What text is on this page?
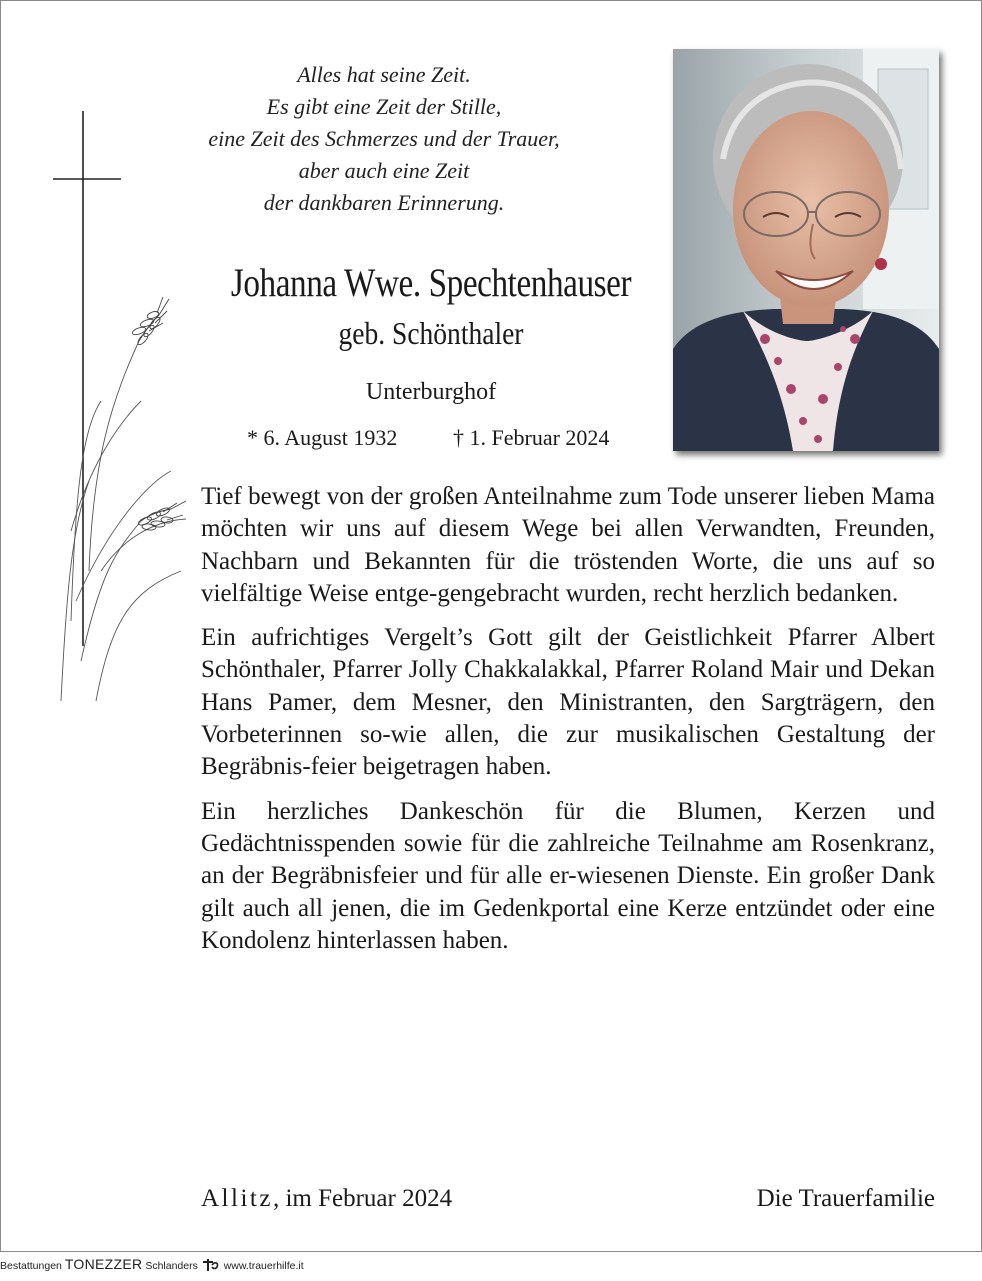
Alles hat seine Zeit.
Es gibt eine Zeit der Stille,
eine Zeit des Schmerzes und der Trauer,
aber auch eine Zeit
der dankbaren Erinnerung.
Johanna Wwe. Spechtenhauser
geb. Schönthaler
Unterburghof
* 6. August 1932	† 1. Februar 2024

Tief bewegt von der großen Anteilnahme zum Tode unserer lieben Mama möchten wir uns auf diesem Wege bei allen Verwandten, Freunden, Nachbarn und Bekannten für die tröstenden Worte, die uns auf so vielfältige Weise entge-gengebracht wurden, recht herzlich bedanken.

Ein aufrichtiges Vergelt’s Gott gilt der Geistlichkeit Pfarrer Albert Schönthaler, Pfarrer Jolly Chakkalakkal, Pfarrer Roland Mair und Dekan Hans Pamer, dem Mesner, den Ministranten, den Sargträgern, den Vorbeterinnen so-wie allen, die zur musikalischen Gestaltung der Begräbnis-feier beigetragen haben.

Ein herzliches Dankeschön für die Blumen, Kerzen und Gedächtnisspenden sowie für die zahlreiche Teilnahme am Rosenkranz, an der Begräbnisfeier und für alle er-wiesenen Dienste. Ein großer Dank gilt auch all jenen, die im Gedenkportal eine Kerze entzündet oder eine Kondolenz hinterlassen haben.

Allitz, im Februar 2024	Die Trauerfamilie
Bestattungen TONEZZER Schlanders www.trauerhilfe.it
